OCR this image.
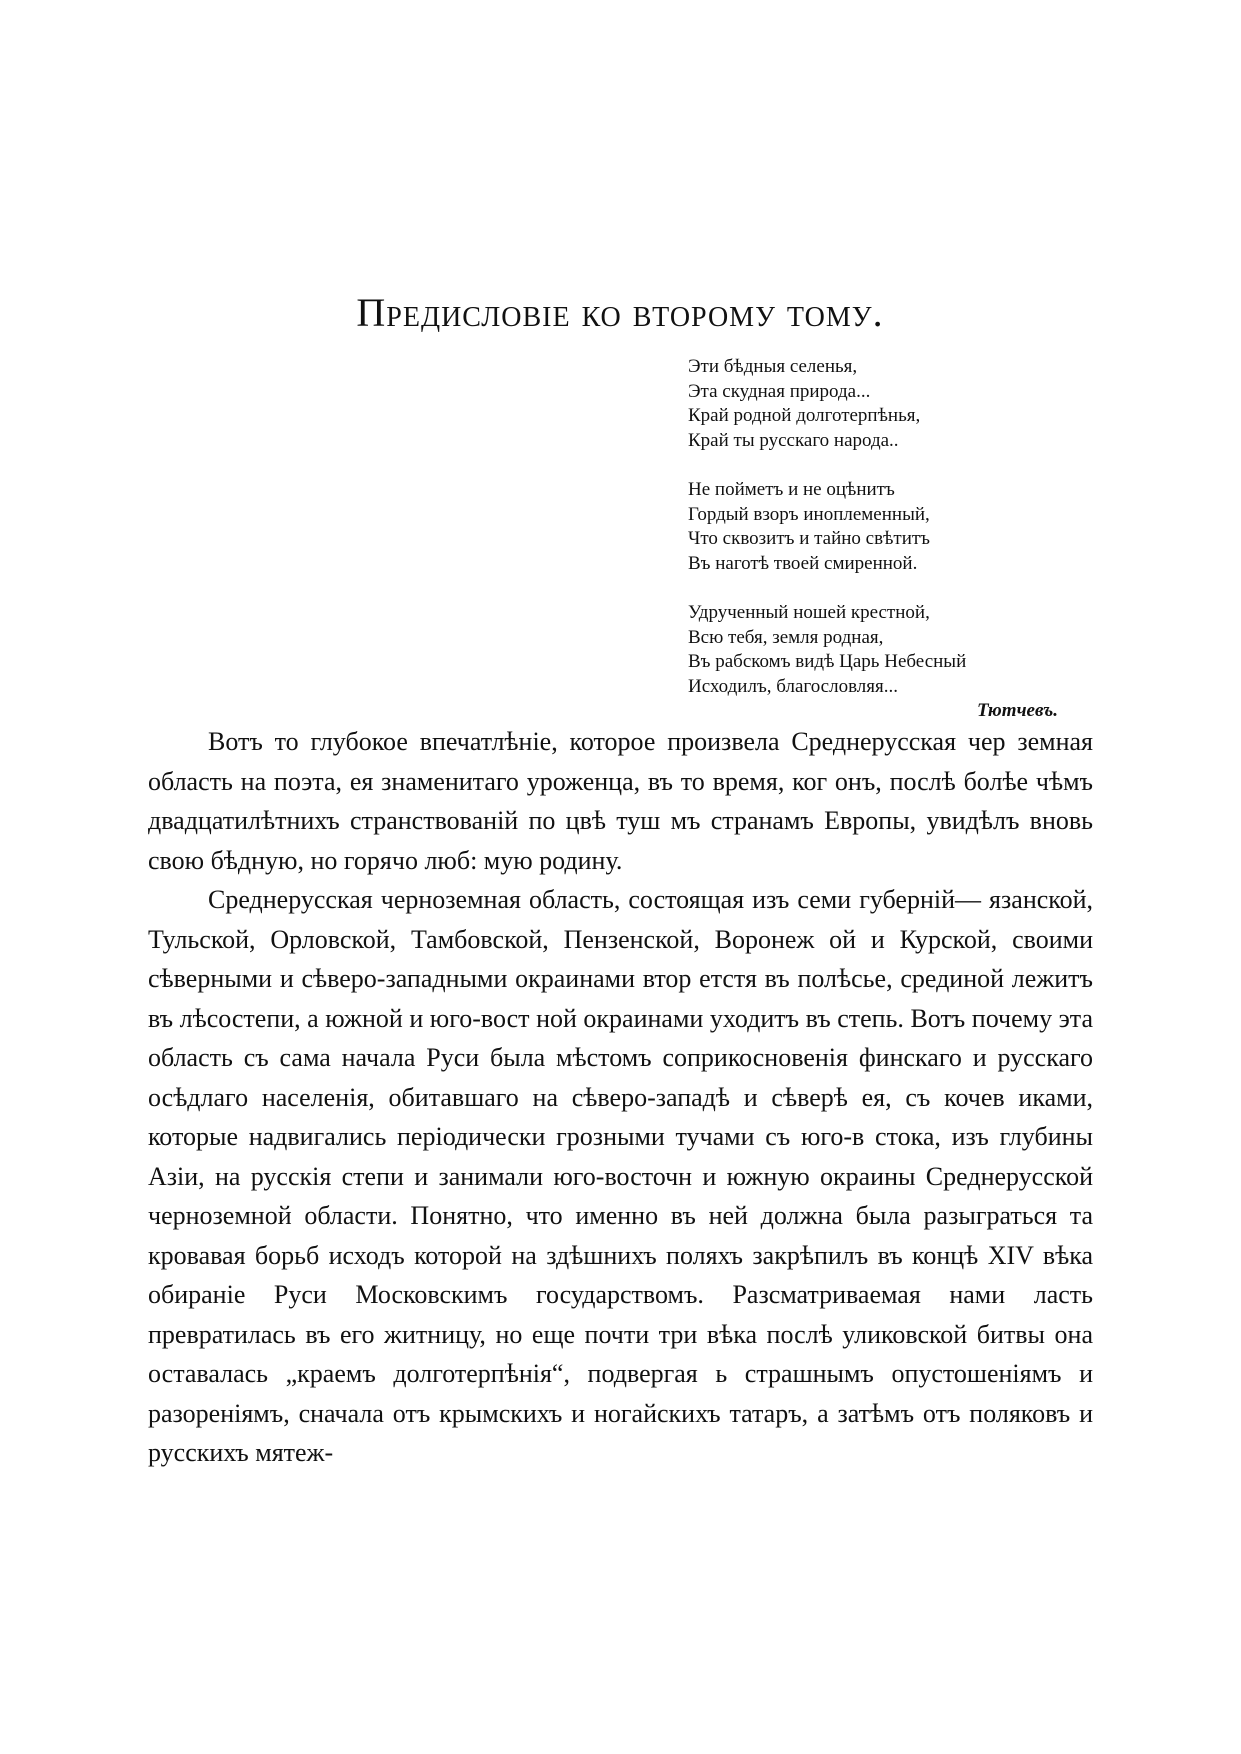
Предисловіе ко второму тому.
Эти бѣдныя селенья,
Эта скудная природа...
Край родной долготерпѣнья,
Край ты русскаго народа..
Не пойметъ и не оцѣнитъ
Гордый взоръ иноплеменный,
Что сквозитъ и тайно свѣтитъ
Въ наготѣ твоей смиренной.
Удрученный ношей крестной,
Всю тебя, земля родная,
Въ рабскомъ видѣ Царь Небесный
Исходилъ, благословляя...
Тютчевъ.

Вотъ то глубокое впечатлѣніе, которое произвела Среднерусская чер земная область на поэта, ея знаменитаго уроженца, въ то время, ког онъ, послѣ болѣе чѣмъ двадцатилѣтнихъ странствованій по цвѣ туш мъ странамъ Европы, увидѣлъ вновь свою бѣдную, но горячо люб: мую родину.

Среднерусская черноземная область, состоящая изъ семи губерній— язанской, Тульской, Орловской, Тамбовской, Пензенской, Воронеж ой и Курской, своими сѣверными и сѣверо-западными окраинами втор етстя въ полѣсье, срединой лежитъ въ лѣсостепи, а южной и юго-вост ной окраинами уходитъ въ степь. Вотъ почему эта область съ сама начала Руси была мѣстомъ соприкосновенія финскаго и русскаго осѣдлаго населенія, обитавшаго на сѣверо-западѣ и сѣверѣ ея, съ кочев иками, которые надвигались періодически грозными тучами съ юго-в стока, изъ глубины Азіи, на русскія степи и занимали юго-восточн и южную окраины Среднерусской черноземной области. Понятно, что именно въ ней должна была разыграться та кровавая борьб исходъ которой на здѣшнихъ поляхъ закрѣпилъ въ концѣ XIV вѣка обираніе Руси Московскимъ государствомъ. Разсматриваемая нами ласть превратилась въ его житницу, но еще почти три вѣка послѣ уликовской битвы она оставалась „краемъ долготерпѣнія“, подвергая ь страшнымъ опустошеніямъ и разореніямъ, сначала отъ крымскихъ и ногайскихъ татаръ, а затѣмъ отъ поляковъ и русскихъ мятеж-
